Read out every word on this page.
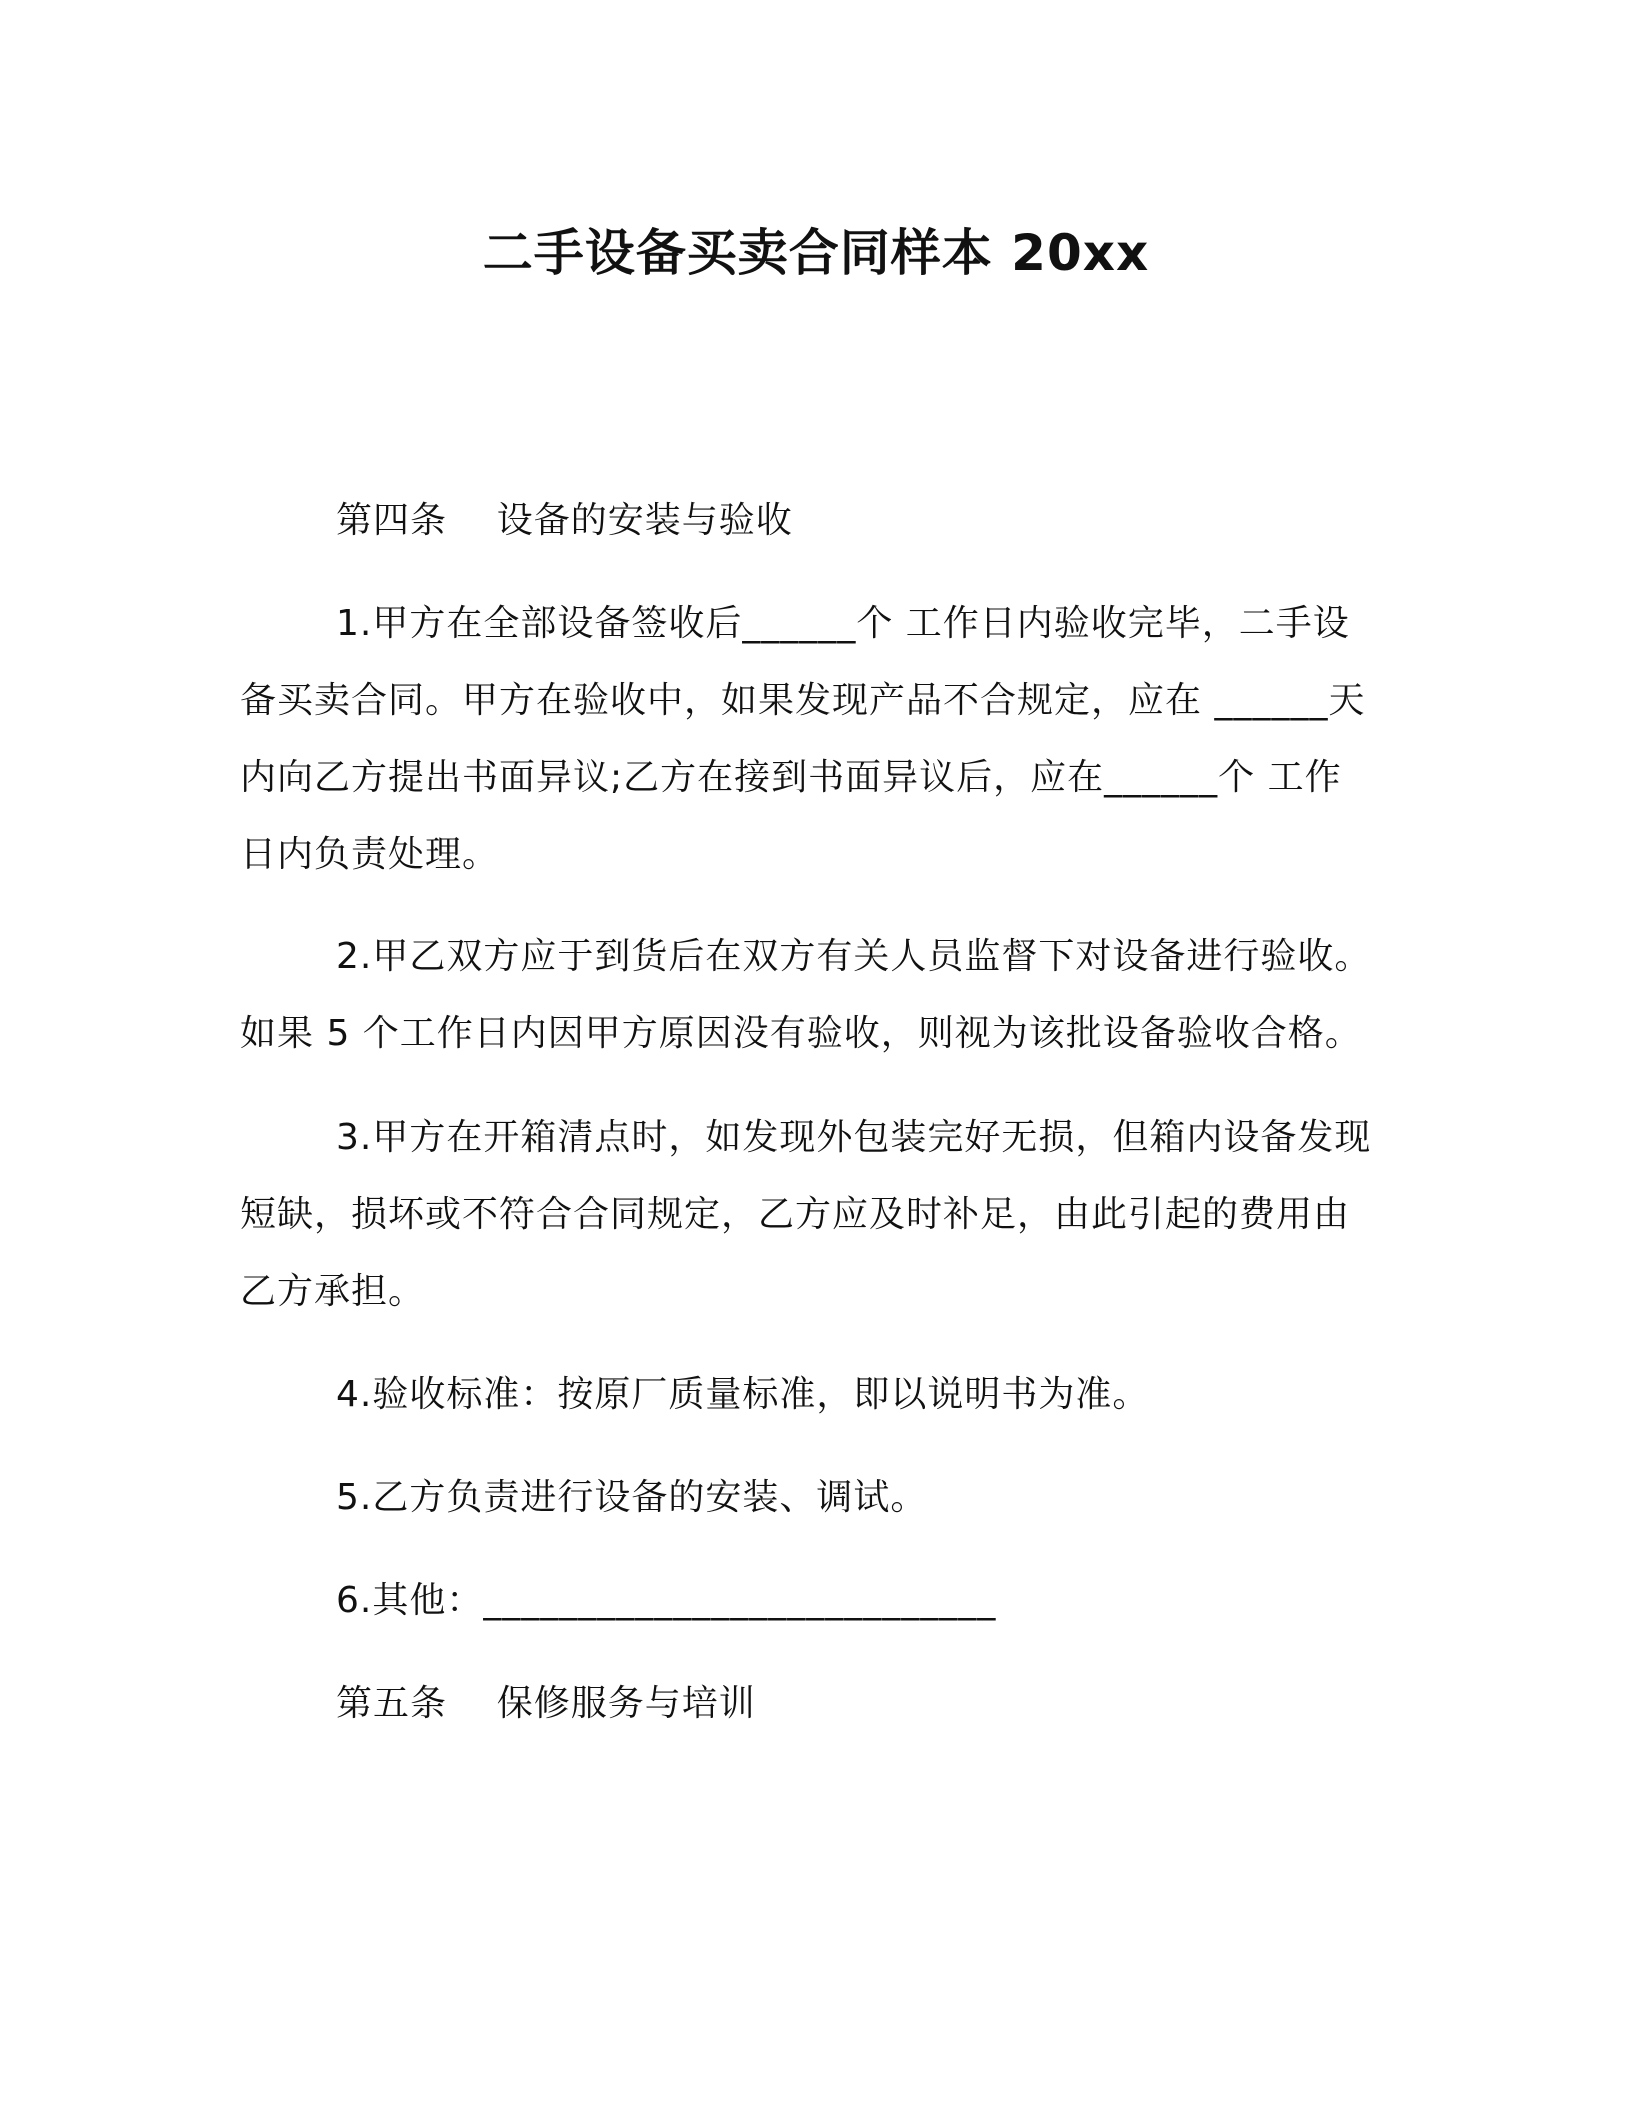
二手设备买卖合同样本 20xx
第四条    设备的安装与验收
1.甲方在全部设备签收后______个 工作日内验收完毕，二手设
备买卖合同。甲方在验收中，如果发现产品不合规定，应在 ______天
内向乙方提出书面异议;乙方在接到书面异议后，应在______个 工作
日内负责处理。
2.甲乙双方应于到货后在双方有关人员监督下对设备进行验收。
如果 5 个工作日内因甲方原因没有验收，则视为该批设备验收合格。
3.甲方在开箱清点时，如发现外包装完好无损，但箱内设备发现
短缺，损坏或不符合合同规定，乙方应及时补足，由此引起的费用由
乙方承担。
4.验收标准：按原厂质量标准，即以说明书为准。
5.乙方负责进行设备的安装、调试。
6.其他：___________________________
第五条    保修服务与培训
